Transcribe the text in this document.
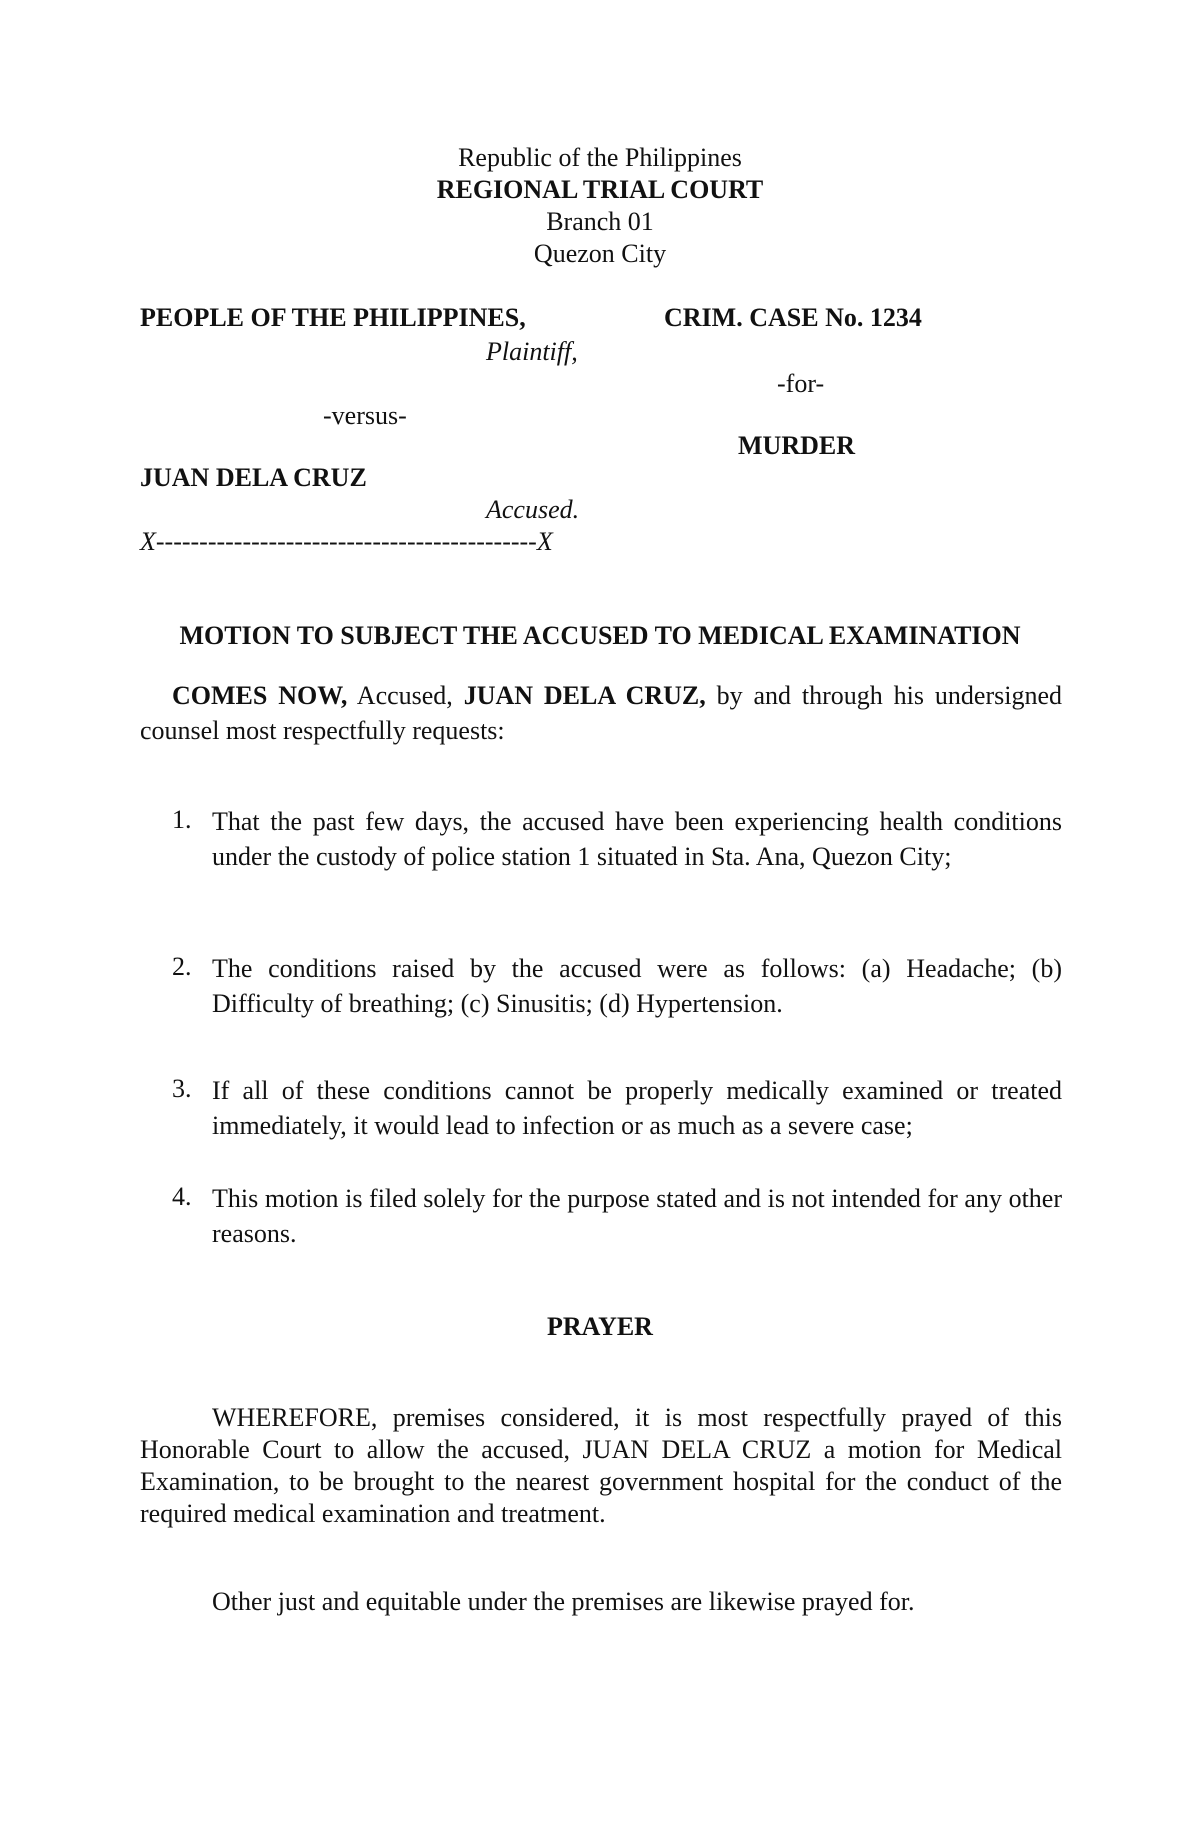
Republic of the Philippines
REGIONAL TRIAL COURT
Branch 01
Quezon City
PEOPLE OF THE PHILIPPINES,
Plaintiff,
-versus-
JUAN DELA CRUZ
Accused.
X--------------------------------------------X
CRIM. CASE No. 1234
-for-
MURDER
MOTION TO SUBJECT THE ACCUSED TO MEDICAL EXAMINATION
COMES NOW, Accused, JUAN DELA CRUZ, by and through his undersigned counsel most respectfully requests:
1. That the past few days, the accused have been experiencing health conditions under the custody of police station 1 situated in Sta. Ana, Quezon City;
2. The conditions raised by the accused were as follows: (a) Headache; (b) Difficulty of breathing; (c) Sinusitis; (d) Hypertension.
3. If all of these conditions cannot be properly medically examined or treated immediately, it would lead to infection or as much as a severe case;
4. This motion is filed solely for the purpose stated and is not intended for any other reasons.
PRAYER
WHEREFORE, premises considered, it is most respectfully prayed of this Honorable Court to allow the accused, JUAN DELA CRUZ a motion for Medical Examination, to be brought to the nearest government hospital for the conduct of the required medical examination and treatment.
Other just and equitable under the premises are likewise prayed for.
